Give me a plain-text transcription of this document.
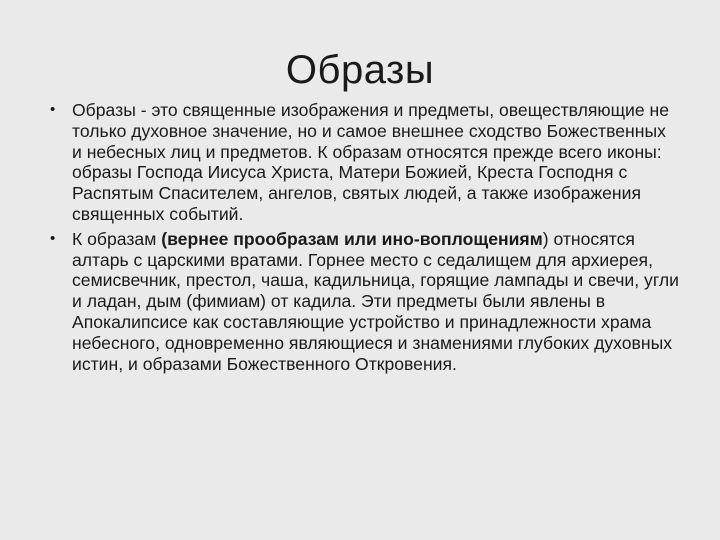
Образы
• Образы - это священные изображения и предметы, овеществляющие не только духовное значение, но и самое внешнее сходство Божественных и небесных лиц и предметов. К образам относятся прежде всего иконы: образы Господа Иисуса Христа, Матери Божией, Креста Господня с Распятым Спасителем, ангелов, святых людей, а также изображения священных событий.
• К образам (вернее прообразам или ино-воплощениям) относятся алтарь с царскими вратами. Горнее место с седалищем для архиерея, семисвечник, престол, чаша, кадильница, горящие лампады и свечи, угли и ладан, дым (фимиам) от кадила. Эти предметы были явлены в Апокалипсисе как составляющие устройство и принадлежности храма небесного, одновременно являющиеся и знамениями глубоких духовных истин, и образами Божественного Откровения.
